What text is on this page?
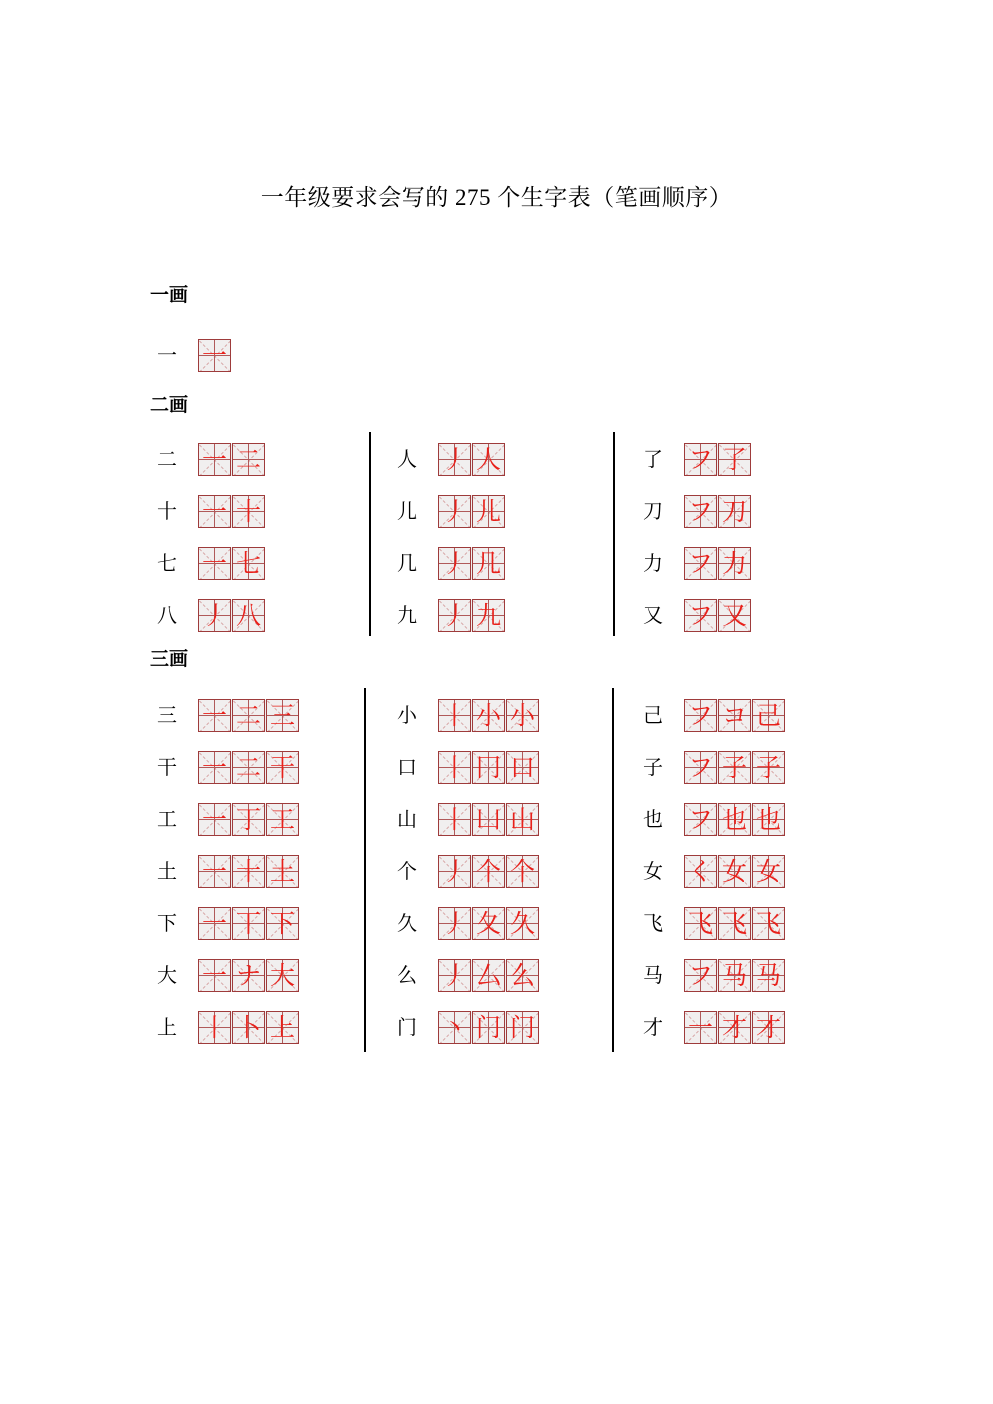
一年级要求会写的 275 个生字表（笔画顺序）
一画
一 一
二画
二 一 二
十 一 十
七 一 七
八 丿 八
人 丿 人
儿 丿 儿
几 丿 几
九 丿 九
了 フ 了
刀 フ 刀
力 フ 力
又 フ 又
三画
三 一 二 三
干 一 二 干
工 一 丁 工
土 一 十 土
下 一 丅 下
大 一 ナ 大
上 丨 卜 上
小 丨 小 小
口 丨 冂 口
山 丨 凵 山
个 丿 个 个
久 丿 夂 久
么 丿 厶 么
门 丶 门 门
己 フ コ 己
子 フ 子 子
也 フ 也 也
女 く 女 女
飞 飞 飞 飞
马 フ 马 马
才 一 才 才
